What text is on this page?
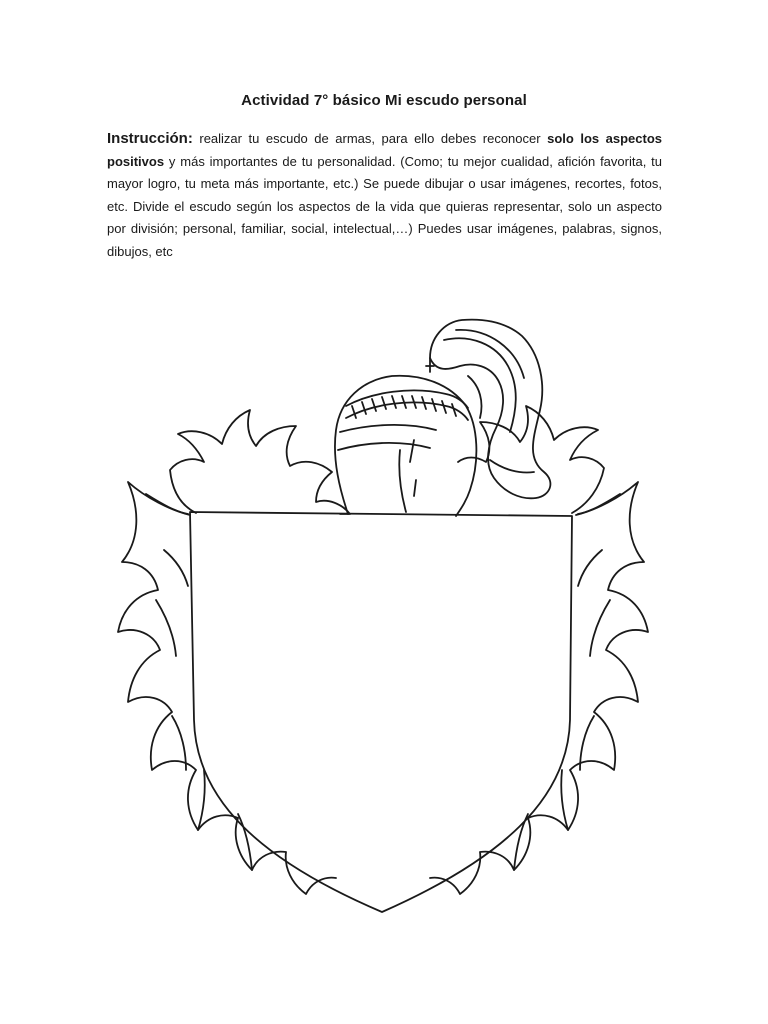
Actividad 7° básico Mi escudo personal
Instrucción: realizar tu escudo de armas, para ello debes reconocer solo los aspectos positivos y más importantes de tu personalidad. (Como; tu mejor cualidad, afición favorita, tu mayor logro, tu meta más importante, etc.) Se puede dibujar o usar imágenes, recortes, fotos, etc. Divide el escudo según los aspectos de la vida que quieras representar, solo un aspecto por división; personal, familiar, social, intelectual,…) Puedes usar imágenes, palabras, signos, dibujos, etc
